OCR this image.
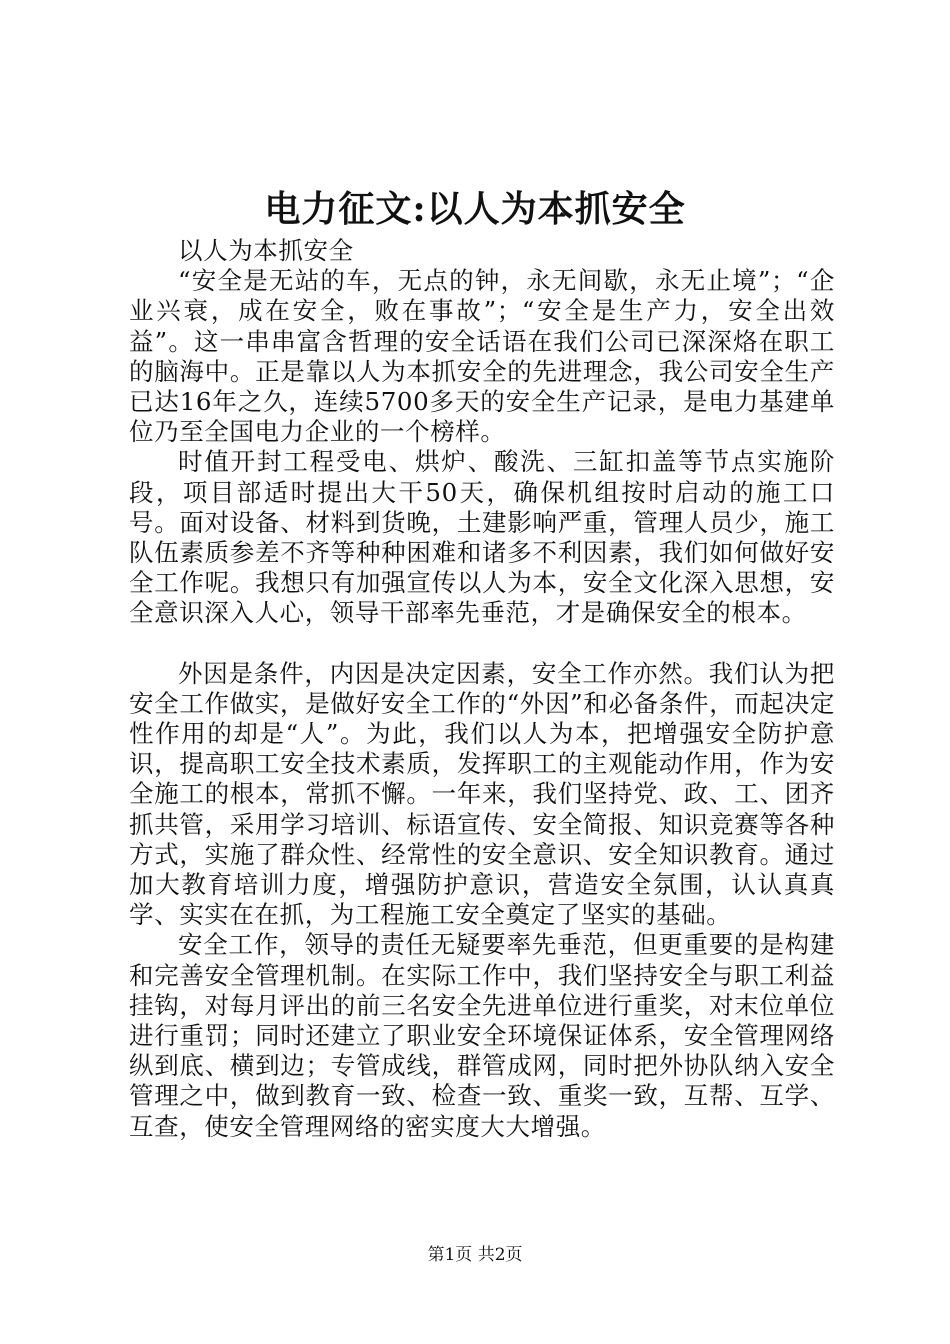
电力征文:以人为本抓安全

以人为本抓安全

“安全是无站的车，无点的钟，永无间歇，永无止境”；“企业兴衰，成在安全，败在事故”；“安全是生产力，安全出效益”。这一串串富含哲理的安全话语在我们公司已深深烙在职工的脑海中。正是靠以人为本抓安全的先进理念，我公司安全生产已达16年之久，连续5700多天的安全生产记录，是电力基建单位乃至全国电力企业的一个榜样。

时值开封工程受电、烘炉、酸洗、三缸扣盖等节点实施阶段，项目部适时提出大干50天，确保机组按时启动的施工口号。面对设备、材料到货晚，土建影响严重，管理人员少，施工队伍素质参差不齐等种种困难和诸多不利因素，我们如何做好安全工作呢。我想只有加强宣传以人为本，安全文化深入思想，安全意识深入人心，领导干部率先垂范，才是确保安全的根本。

外因是条件，内因是决定因素，安全工作亦然。我们认为把安全工作做实，是做好安全工作的“外因”和必备条件，而起决定性作用的却是“人”。为此，我们以人为本，把增强安全防护意识，提高职工安全技术素质，发挥职工的主观能动作用，作为安全施工的根本，常抓不懈。一年来，我们坚持党、政、工、团齐抓共管，采用学习培训、标语宣传、安全简报、知识竞赛等各种方式，实施了群众性、经常性的安全意识、安全知识教育。通过加大教育培训力度，增强防护意识，营造安全氛围，认认真真学、实实在在抓，为工程施工安全奠定了坚实的基础。

安全工作，领导的责任无疑要率先垂范，但更重要的是构建和完善安全管理机制。在实际工作中，我们坚持安全与职工利益挂钩，对每月评出的前三名安全先进单位进行重奖，对末位单位进行重罚；同时还建立了职业安全环境保证体系，安全管理网络纵到底、横到边；专管成线，群管成网，同时把外协队纳入安全管理之中，做到教育一致、检查一致、重奖一致，互帮、互学、互查，使安全管理网络的密实度大大增强。

第1页 共2页
